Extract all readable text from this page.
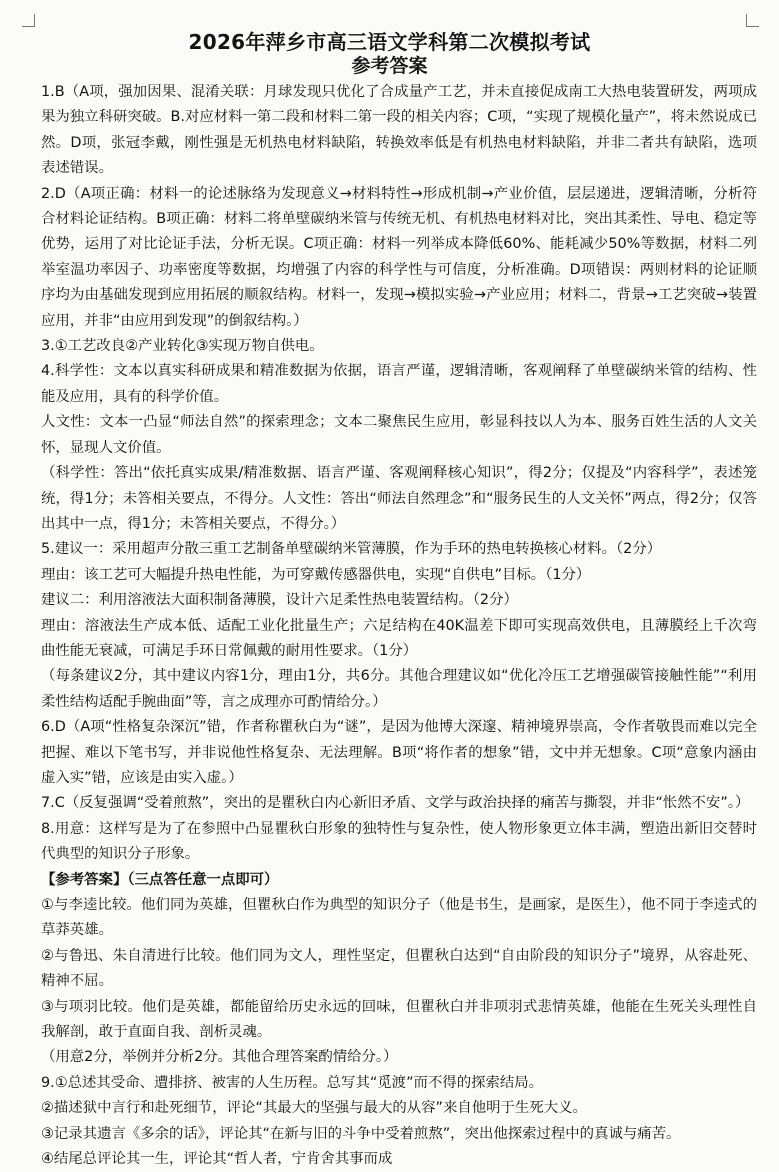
2026年萍乡市高三语文学科第二次模拟考试
参考答案

1.B（A项，强加因果、混淆关联：月球发现只优化了合成量产工艺，并未直接促成南工大热电装置研发，两项成果为独立科研突破。B.对应材料一第二段和材料二第一段的相关内容；C项，“实现了规模化量产”，将未然说成已然。D项，张冠李戴，刚性强是无机热电材料缺陷，转换效率低是有机热电材料缺陷，并非二者共有缺陷，选项表述错误。

2.D（A项正确：材料一的论述脉络为发现意义→材料特性→形成机制→产业价值，层层递进，逻辑清晰，分析符合材料论证结构。B项正确：材料二将单壁碳纳米管与传统无机、有机热电材料对比，突出其柔性、导电、稳定等优势，运用了对比论证手法，分析无误。C项正确：材料一列举成本降低60%、能耗减少50%等数据，材料二列举室温功率因子、功率密度等数据，均增强了内容的科学性与可信度，分析准确。D项错误：两则材料的论证顺序均为由基础发现到应用拓展的顺叙结构。材料一，发现→模拟实验→产业应用；材料二，背景→工艺突破→装置应用，并非“由应用到发现”的倒叙结构。）

3.①工艺改良②产业转化③实现万物自供电。

4.科学性：文本以真实科研成果和精准数据为依据，语言严谨，逻辑清晰，客观阐释了单壁碳纳米管的结构、性能及应用，具有的科学价值。

人文性：文本一凸显“师法自然”的探索理念；文本二聚焦民生应用，彰显科技以人为本、服务百姓生活的人文关怀，显现人文价值。

（科学性：答出“依托真实成果/精准数据、语言严谨、客观阐释核心知识”，得2分；仅提及“内容科学”，表述笼统，得1分；未答相关要点，不得分。人文性：答出“师法自然理念”和“服务民生的人文关怀”两点，得2分；仅答出其中一点，得1分；未答相关要点，不得分。）

5.建议一：采用超声分散三重工艺制备单壁碳纳米管薄膜，作为手环的热电转换核心材料。（2分）

理由：该工艺可大幅提升热电性能，为可穿戴传感器供电，实现“自供电”目标。（1分）

建议二：利用溶液法大面积制备薄膜，设计六足柔性热电装置结构。（2分）

理由：溶液法生产成本低、适配工业化批量生产；六足结构在40K温差下即可实现高效供电，且薄膜经上千次弯曲性能无衰减，可满足手环日常佩戴的耐用性要求。（1分）

（每条建议2分，其中建议内容1分，理由1分，共6分。其他合理建议如“优化冷压工艺增强碳管接触性能”“利用柔性结构适配手腕曲面”等，言之成理亦可酌情给分。）

6.D（A项“性格复杂深沉”错，作者称瞿秋白为“谜”，是因为他博大深邃、精神境界崇高，令作者敬畏而难以完全把握、难以下笔书写，并非说他性格复杂、无法理解。B项“将作者的想象”错，文中并无想象。C项“意象内涵由虚入实”错，应该是由实入虚。）

7.C（反复强调“受着煎熬”，突出的是瞿秋白内心新旧矛盾、文学与政治抉择的痛苦与撕裂，并非“怅然不安”。）

8.用意：这样写是为了在参照中凸显瞿秋白形象的独特性与复杂性，使人物形象更立体丰满，塑造出新旧交替时代典型的知识分子形象。

【参考答案】（三点答任意一点即可）

①与李逵比较。他们同为英雄，但瞿秋白作为典型的知识分子（他是书生，是画家，是医生），他不同于李逵式的草莽英雄。

②与鲁迅、朱自清进行比较。他们同为文人，理性坚定，但瞿秋白达到“自由阶段的知识分子”境界，从容赴死、精神不屈。

③与项羽比较。他们是英雄，都能留给历史永远的回味，但瞿秋白并非项羽式悲情英雄，他能在生死关头理性自我解剖，敢于直面自我、剖析灵魂。

（用意2分，举例并分析2分。其他合理答案酌情给分。）

9.①总述其受命、遭排挤、被害的人生历程。总写其“觅渡”而不得的探索结局。

②描述狱中言行和赴死细节，评论“其最大的坚强与最大的从容”来自他明于生死大义。

③记录其遗言《多余的话》，评论其“在新与旧的斗争中受着煎熬”，突出他探索过程中的真诚与痛苦。

④结尾总评论其一生，评论其“哲人者，宁肯舍其事而成
